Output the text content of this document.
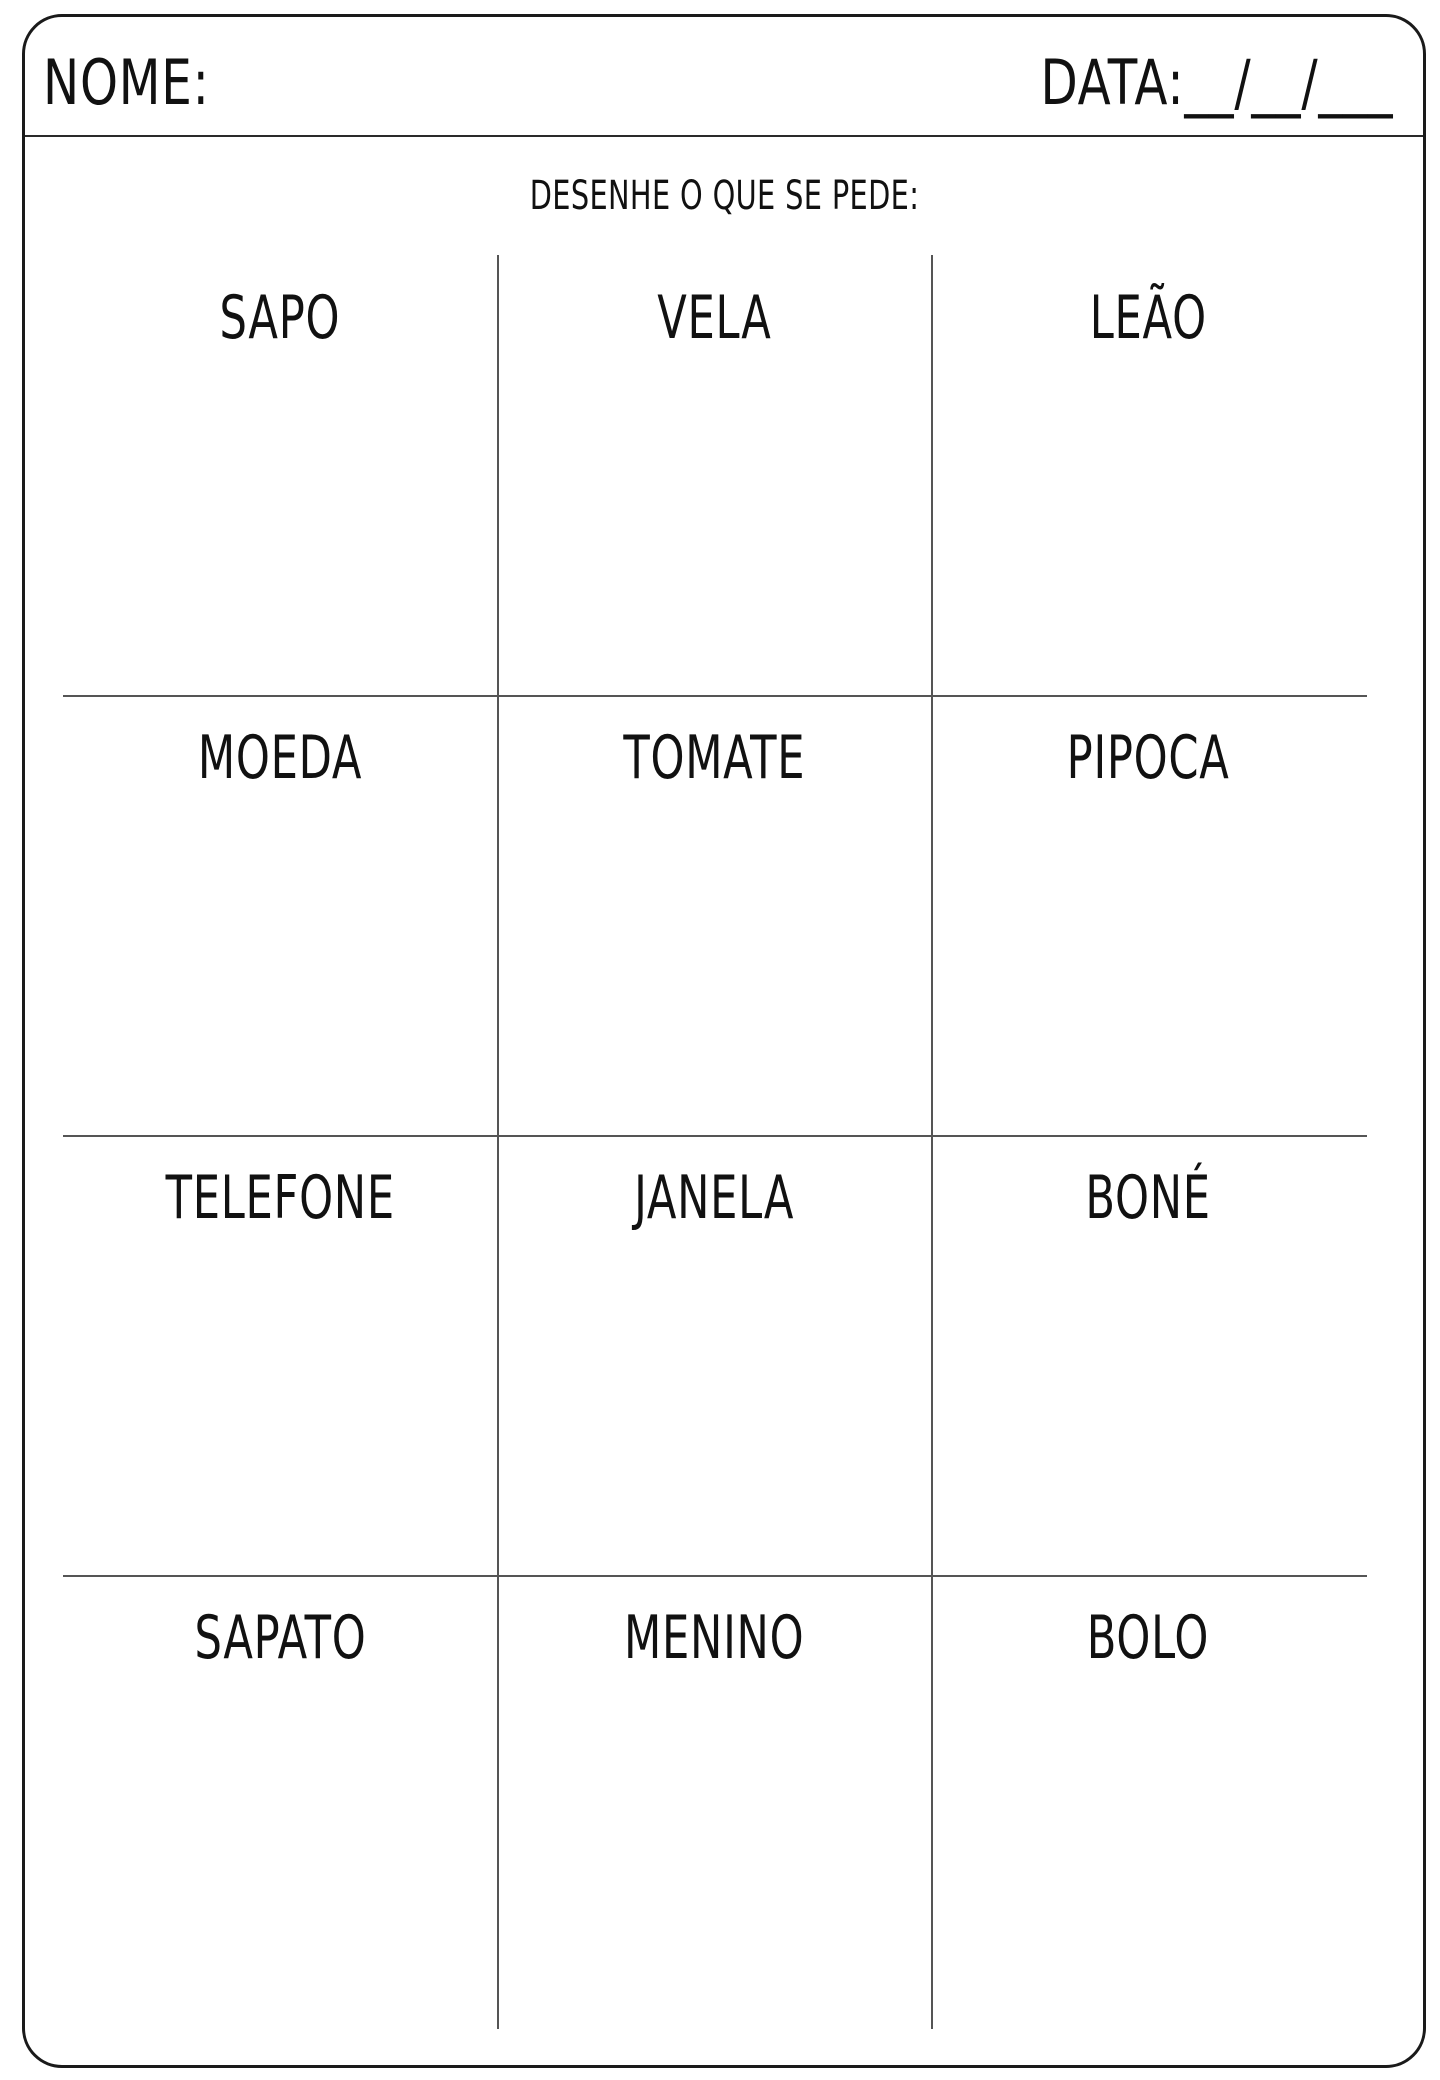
NOME:	DATA:__/__/___
DESENHE O QUE SE PEDE:
SAPO	VELA	LEÃO
MOEDA	TOMATE	PIPOCA
TELEFONE	JANELA	BONÉ
SAPATO	MENINO	BOLO
